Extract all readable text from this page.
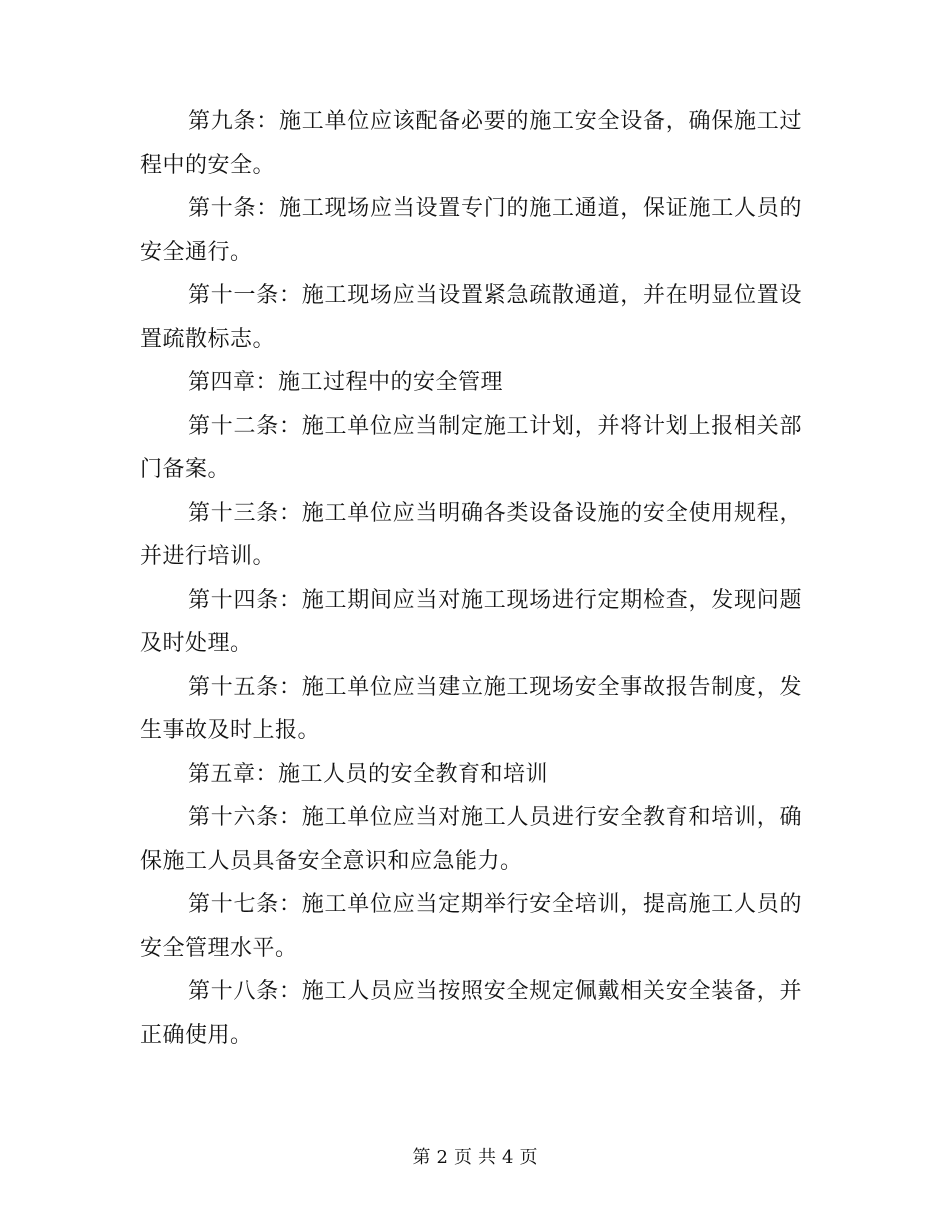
第九条：施工单位应该配备必要的施工安全设备，确保施工过程中的安全。

第十条：施工现场应当设置专门的施工通道，保证施工人员的安全通行。

第十一条：施工现场应当设置紧急疏散通道，并在明显位置设置疏散标志。

第四章：施工过程中的安全管理

第十二条：施工单位应当制定施工计划，并将计划上报相关部门备案。

第十三条：施工单位应当明确各类设备设施的安全使用规程，并进行培训。

第十四条：施工期间应当对施工现场进行定期检查，发现问题及时处理。

第十五条：施工单位应当建立施工现场安全事故报告制度，发生事故及时上报。

第五章：施工人员的安全教育和培训

第十六条：施工单位应当对施工人员进行安全教育和培训，确保施工人员具备安全意识和应急能力。

第十七条：施工单位应当定期举行安全培训，提高施工人员的安全管理水平。

第十八条：施工人员应当按照安全规定佩戴相关安全装备，并正确使用。

第 2 页 共 4 页
